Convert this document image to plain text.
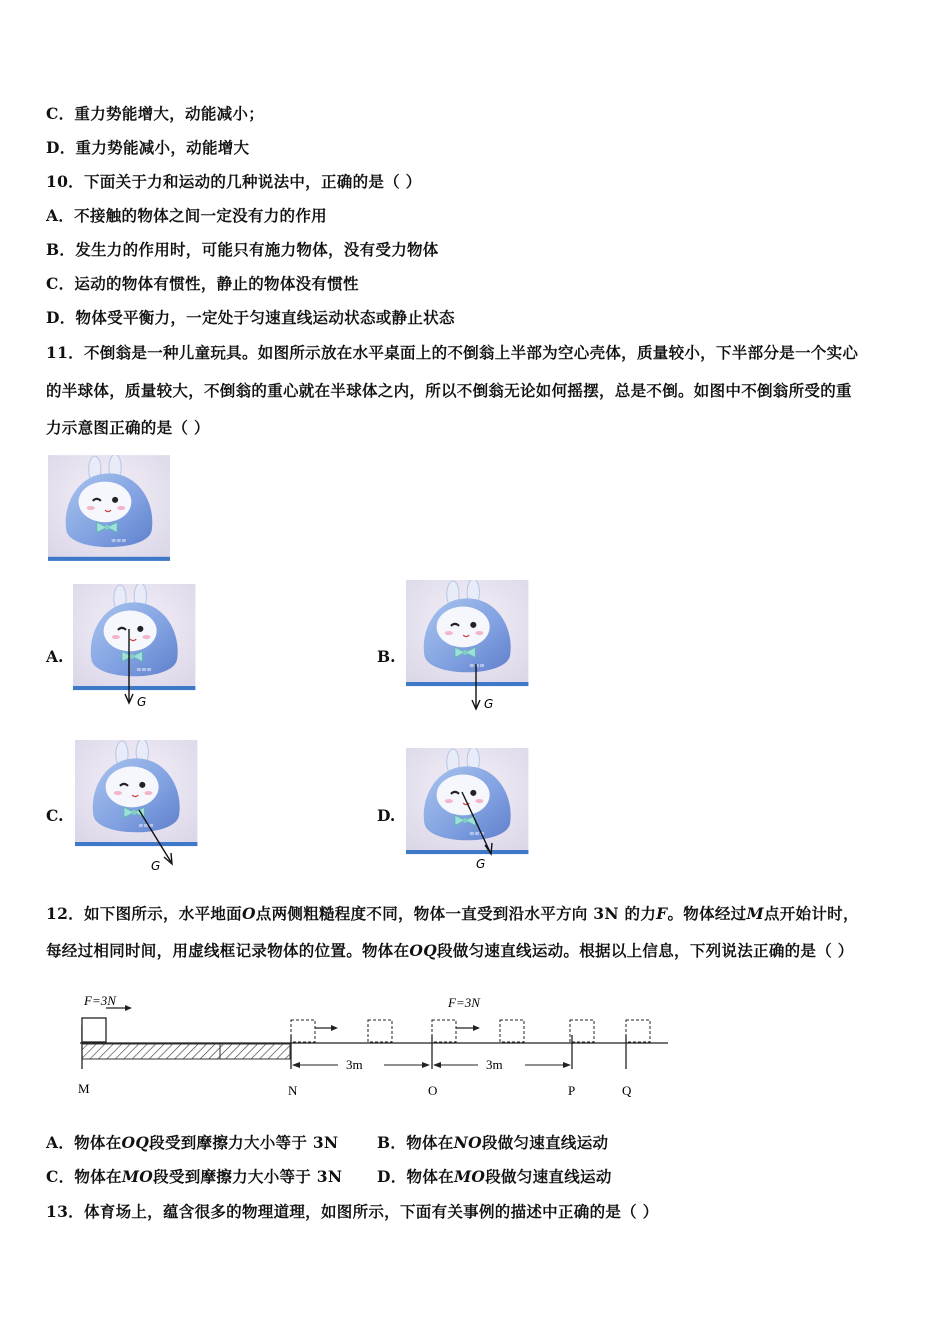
C．重力势能增大，动能减小；
D．重力势能减小，动能增大
10．下面关于力和运动的几种说法中，正确的是（ ）
A．不接触的物体之间一定没有力的作用
B．发生力的作用时，可能只有施力物体，没有受力物体
C．运动的物体有惯性，静止的物体没有惯性
D．物体受平衡力，一定处于匀速直线运动状态或静止状态
11．不倒翁是一种儿童玩具。如图所示放在水平桌面上的不倒翁上半部为空心壳体，质量较小，下半部分是一个实心
的半球体，质量较大，不倒翁的重心就在半球体之内，所以不倒翁无论如何摇摆，总是不倒。如图中不倒翁所受的重
力示意图正确的是（ ）
A.
G
B.
G
C.
G
D.
G
12．如下图所示，水平地面O点两侧粗糙程度不同，物体一直受到沿水平方向 3N 的力F。物体经过M点开始计时，
每经过相同时间，用虚线框记录物体的位置。物体在OQ段做匀速直线运动。根据以上信息，下列说法正确的是（ ）
F=3N	F=3N
3m	3m
M	N	O	P	Q
A．物体在OQ段受到摩擦力大小等于 3N B．物体在NO段做匀速直线运动
C．物体在MO段受到摩擦力大小等于 3N D．物体在MO段做匀速直线运动
13．体育场上，蕴含很多的物理道理，如图所示，下面有关事例的描述中正确的是（ ）
